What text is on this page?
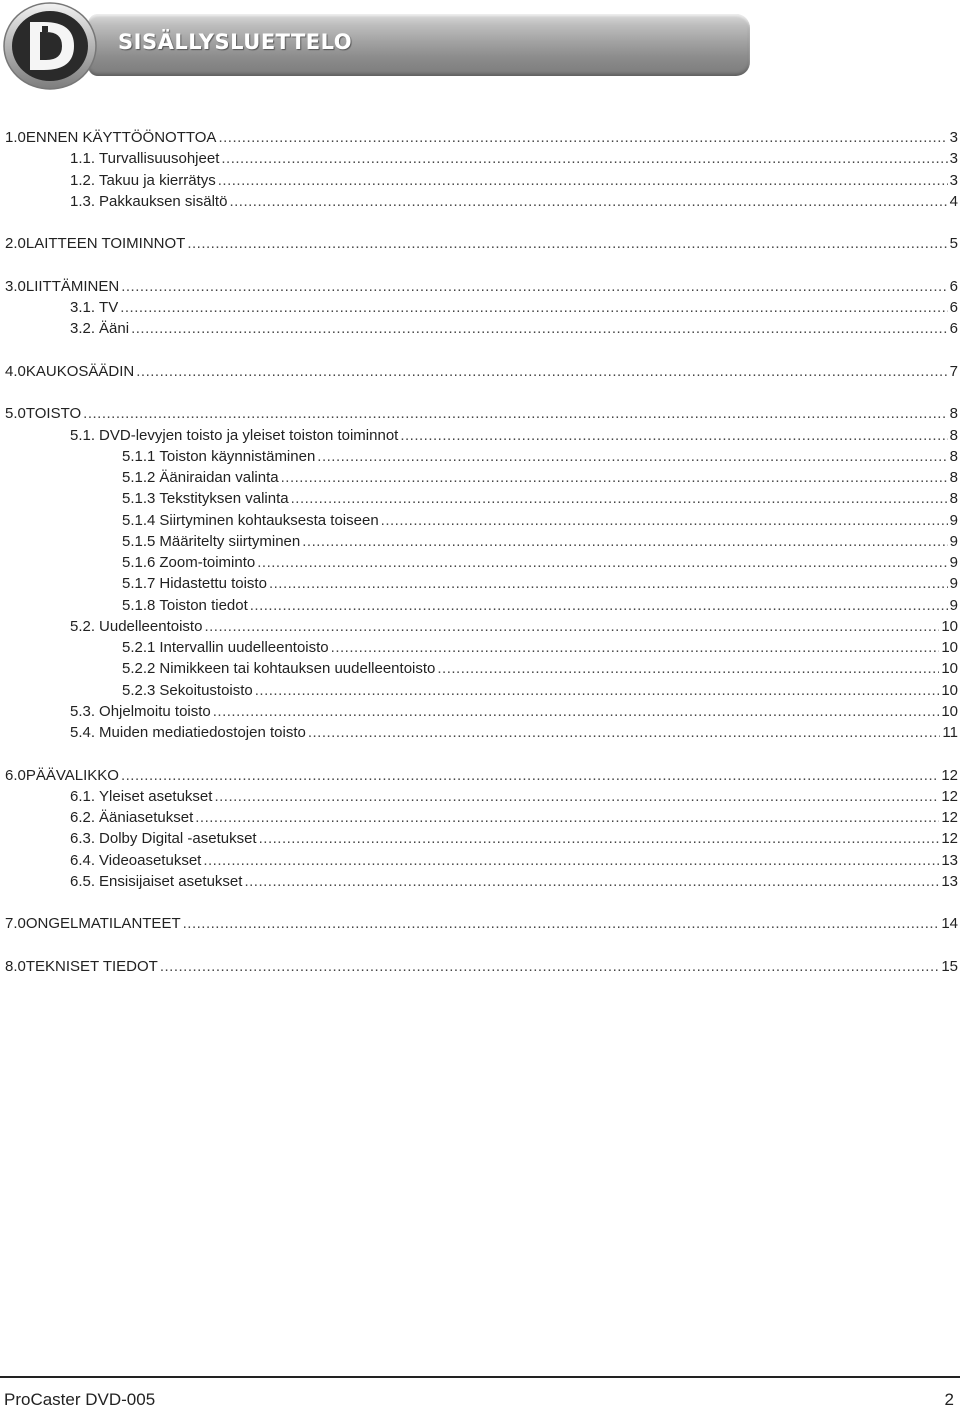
SISÄLLYSLUETTELO
1.0 ENNEN KÄYTTÖÖNOTTOA .....	3
1.1. Turvallisuusohjeet .....	3
1.2. Takuu ja kierrätys .....	3
1.3. Pakkauksen sisältö .....	4
2.0 LAITTEEN TOIMINNOT .....	5
3.0 LIITTÄMINEN .....	6
3.1. TV .....	6
3.2. Ääni .....	6
4.0 KAUKOSÄÄDIN .....	7
5.0 TOISTO .....	8
5.1. DVD-levyjen toisto ja yleiset toiston toiminnot .....	8
5.1.1 Toiston käynnistäminen .....	8
5.1.2 Ääniraidan valinta .....	8
5.1.3 Tekstityksen valinta .....	8
5.1.4 Siirtyminen kohtauksesta toiseen .....	9
5.1.5 Määritelty siirtyminen .....	9
5.1.6 Zoom-toiminto .....	9
5.1.7 Hidastettu toisto .....	9
5.1.8 Toiston tiedot .....	9
5.2. Uudelleentoisto .....	10
5.2.1 Intervallin uudelleentoisto .....	10
5.2.2 Nimikkeen tai kohtauksen uudelleentoisto .....	10
5.2.3 Sekoitustoisto .....	10
5.3. Ohjelmoitu toisto .....	10
5.4. Muiden mediatiedostojen toisto .....	11
6.0 PÄÄVALIKKO .....	12
6.1. Yleiset asetukset .....	12
6.2. Ääniasetukset .....	12
6.3. Dolby Digital -asetukset .....	12
6.4. Videoasetukset .....	13
6.5. Ensisijaiset asetukset .....	13
7.0 ONGELMATILANTEET .....	14
8.0 TEKNISET TIEDOT .....	15
ProCaster DVD-005	2
